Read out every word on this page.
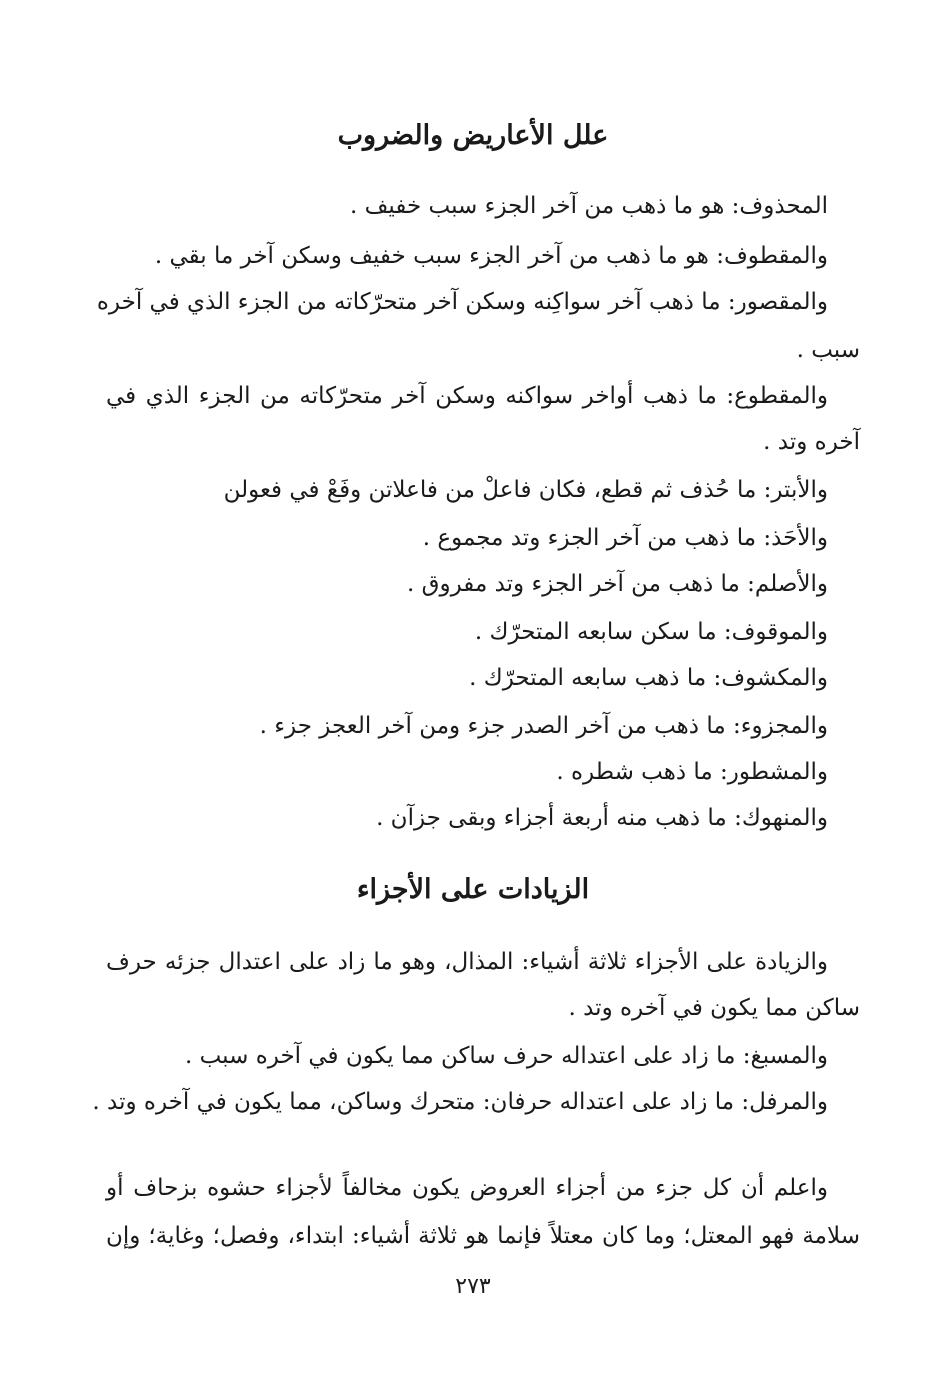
علل الأعاريض والضروب
المحذوف: هو ما ذهب من آخر الجزء سبب خفيف .
والمقطوف: هو ما ذهب من آخر الجزء سبب خفيف وسكن آخر ما بقي .
والمقصور: ما ذهب آخر سواكِنه وسكن آخر متحرّكاته من الجزء الذي في آخره
سبب .
والمقطوع: ما ذهب أواخر سواكنه وسكن آخر متحرّكاته من الجزء الذي في
آخره وتد .
والأبتر: ما حُذف ثم قطع، فكان فاعلْ من فاعلاتن وفَعْ في فعولن
والأحَذ: ما ذهب من آخر الجزء وتد مجموع .
والأصلم: ما ذهب من آخر الجزء وتد مفروق .
والموقوف: ما سكن سابعه المتحرّك .
والمكشوف: ما ذهب سابعه المتحرّك .
والمجزوء: ما ذهب من آخر الصدر جزء ومن آخر العجز جزء .
والمشطور: ما ذهب شطره .
والمنهوك: ما ذهب منه أربعة أجزاء وبقى جزآن .
الزيادات على الأجزاء
والزيادة على الأجزاء ثلاثة أشياء: المذال، وهو ما زاد على اعتدال جزئه حرف
ساكن مما يكون في آخره وتد .
والمسبغ: ما زاد على اعتداله حرف ساكن مما يكون في آخره سبب .
والمرفل: ما زاد على اعتداله حرفان: متحرك وساكن، مما يكون في آخره وتد .
واعلم أن كل جزء من أجزاء العروض يكون مخالفاً لأجزاء حشوه بزحاف أو
سلامة فهو المعتل؛ وما كان معتلاً فإنما هو ثلاثة أشياء: ابتداء، وفصل؛ وغاية؛ وإن
٢٧٣
